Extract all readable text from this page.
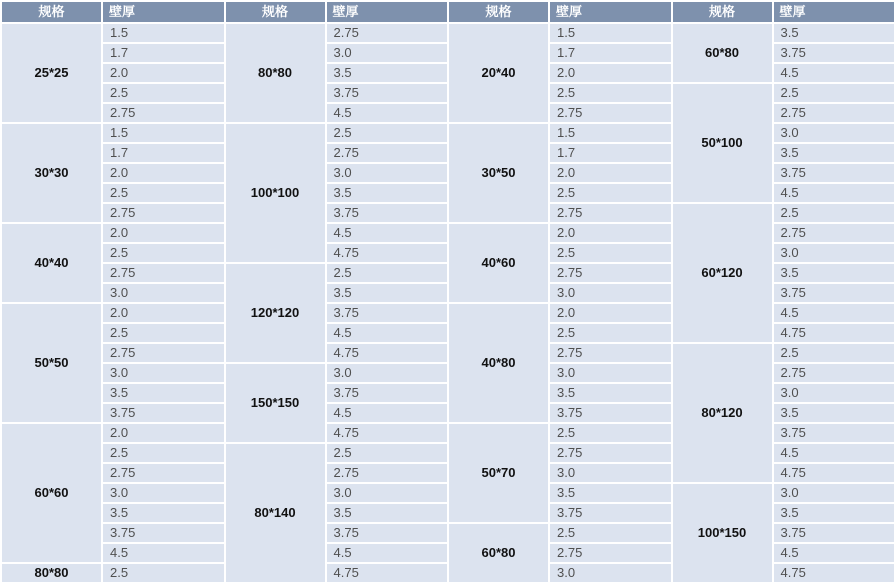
规格	壁厚	规格	壁厚	规格	壁厚	规格	壁厚
25*25	1.5	80*80	2.75	20*40	1.5	60*80	3.5
	1.7		3.0		1.7		3.75
	2.0		3.5		2.0		4.5
	2.5		3.75		2.5	50*100	2.5
	2.75		4.5		2.75		2.75
30*30	1.5	100*100	2.5	30*50	1.5		3.0
	1.7		2.75		1.7		3.5
	2.0		3.0		2.0		3.75
	2.5		3.5		2.5		4.5
	2.75		3.75		2.75	60*120	2.5
40*40	2.0		4.5	40*60	2.0		2.75
	2.5		4.75		2.5		3.0
	2.75	120*120	2.5		2.75		3.5
	3.0		3.5		3.0		3.75
50*50	2.0		3.75	40*80	2.0		4.5
	2.5		4.5		2.5		4.75
	2.75		4.75		2.75	80*120	2.5
	3.0	150*150	3.0		3.0		2.75
	3.5		3.75		3.5		3.0
	3.75		4.5		3.75		3.5
60*60	2.0		4.75	50*70	2.5		3.75
	2.5	80*140	2.5		2.75		4.5
	2.75		2.75		3.0		4.75
	3.0		3.0		3.5	100*150	3.0
	3.5		3.5		3.75		3.5
	3.75		3.75	60*80	2.5		3.75
	4.5		4.5		2.75		4.5
80*80	2.5		4.75		3.0		4.75
